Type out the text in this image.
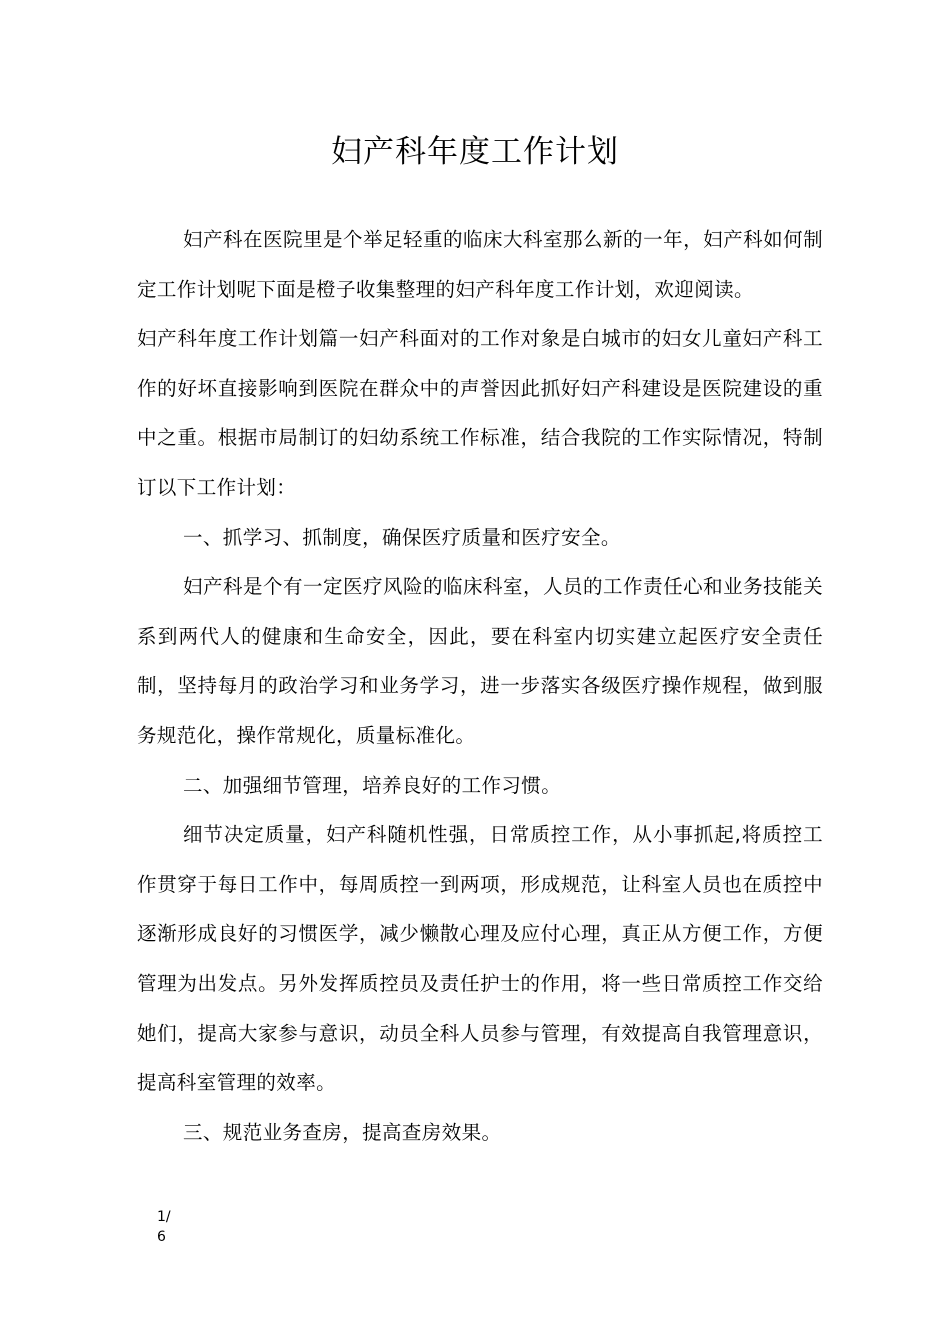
妇产科年度工作计划

妇产科在医院里是个举足轻重的临床大科室那么新的一年，妇产科如何制定工作计划呢下面是橙子收集整理的妇产科年度工作计划，欢迎阅读。

妇产科年度工作计划篇一妇产科面对的工作对象是白城市的妇女儿童妇产科工作的好坏直接影响到医院在群众中的声誉因此抓好妇产科建设是医院建设的重中之重。根据市局制订的妇幼系统工作标准，结合我院的工作实际情况，特制订以下工作计划：

一、抓学习、抓制度，确保医疗质量和医疗安全。

妇产科是个有一定医疗风险的临床科室，人员的工作责任心和业务技能关系到两代人的健康和生命安全，因此，要在科室内切实建立起医疗安全责任制，坚持每月的政治学习和业务学习，进一步落实各级医疗操作规程，做到服务规范化，操作常规化，质量标准化。

二、加强细节管理，培养良好的工作习惯。

细节决定质量，妇产科随机性强，日常质控工作，从小事抓起,将质控工作贯穿于每日工作中，每周质控一到两项，形成规范，让科室人员也在质控中逐渐形成良好的习惯医学，减少懒散心理及应付心理，真正从方便工作，方便管理为出发点。另外发挥质控员及责任护士的作用，将一些日常质控工作交给她们，提高大家参与意识，动员全科人员参与管理，有效提高自我管理意识，提高科室管理的效率。

三、规范业务查房，提高查房效果。

1/
6
